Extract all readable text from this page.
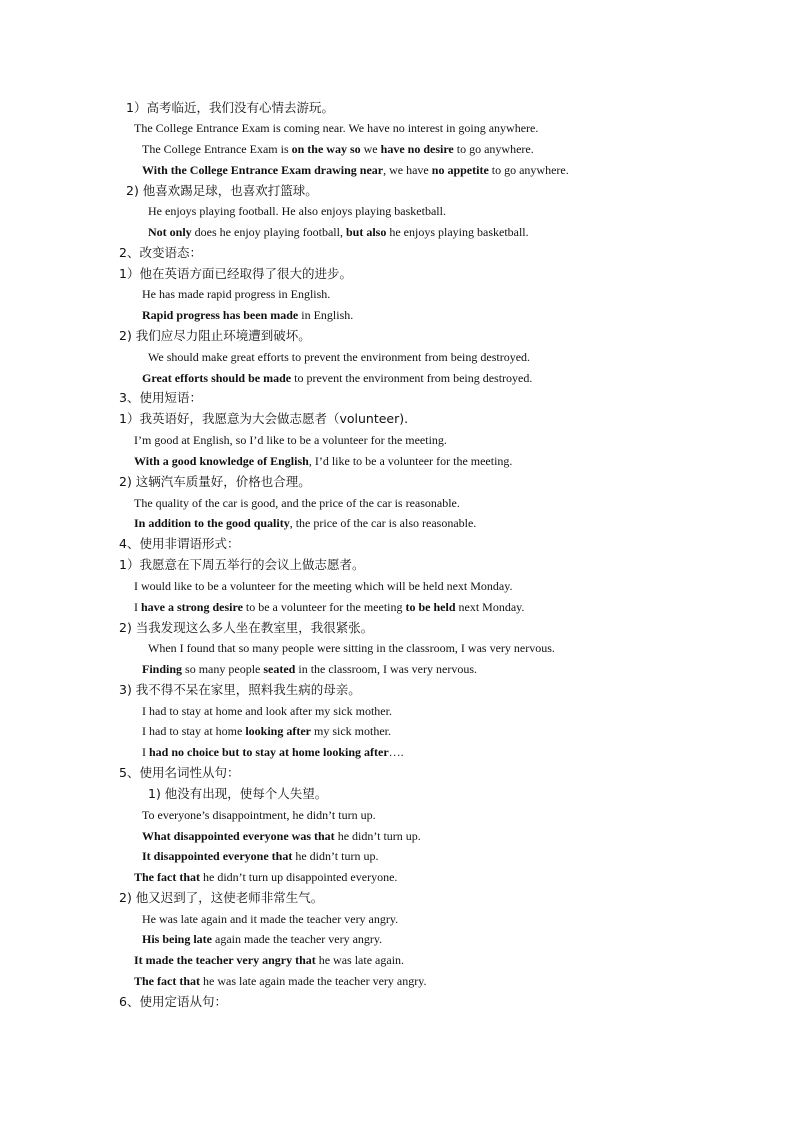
1）高考临近，我们没有心情去游玩。
The College Entrance Exam is coming near. We have no interest in going anywhere.
The College Entrance Exam is on the way so we have no desire to go anywhere.
With the College Entrance Exam drawing near, we have no appetite to go anywhere.
2) 他喜欢踢足球，也喜欢打篮球。
He enjoys playing football. He also enjoys playing basketball.
Not only does he enjoy playing football, but also he enjoys playing basketball.
2、改变语态：
1）他在英语方面已经取得了很大的进步。
He has made rapid progress in English.
Rapid progress has been made in English.
2) 我们应尽力阻止环境遭到破坏。
We should make great efforts to prevent the environment from being destroyed.
Great efforts should be made to prevent the environment from being destroyed.
3、使用短语：
1）我英语好，我愿意为大会做志愿者（volunteer).
I’m good at English, so I’d like to be a volunteer for the meeting.
With a good knowledge of English, I’d like to be a volunteer for the meeting.
2) 这辆汽车质量好，价格也合理。
The quality of the car is good, and the price of the car is reasonable.
In addition to the good quality, the price of the car is also reasonable.
4、使用非谓语形式：
1）我愿意在下周五举行的会议上做志愿者。
I would like to be a volunteer for the meeting which will be held next Monday.
I have a strong desire to be a volunteer for the meeting to be held next Monday.
2) 当我发现这么多人坐在教室里，我很紧张。
When I found that so many people were sitting in the classroom, I was very nervous.
Finding so many people seated in the classroom, I was very nervous.
3) 我不得不呆在家里，照料我生病的母亲。
I had to stay at home and look after my sick mother.
I had to stay at home looking after my sick mother.
I had no choice but to stay at home looking after….
5、使用名词性从句：
1) 他没有出现，使每个人失望。
To everyone’s disappointment, he didn’t turn up.
What disappointed everyone was that he didn’t turn up.
It disappointed everyone that he didn’t turn up.
The fact that he didn’t turn up disappointed everyone.
2) 他又迟到了，这使老师非常生气。
He was late again and it made the teacher very angry.
His being late again made the teacher very angry.
It made the teacher very angry that he was late again.
The fact that he was late again made the teacher very angry.
6、使用定语从句：
